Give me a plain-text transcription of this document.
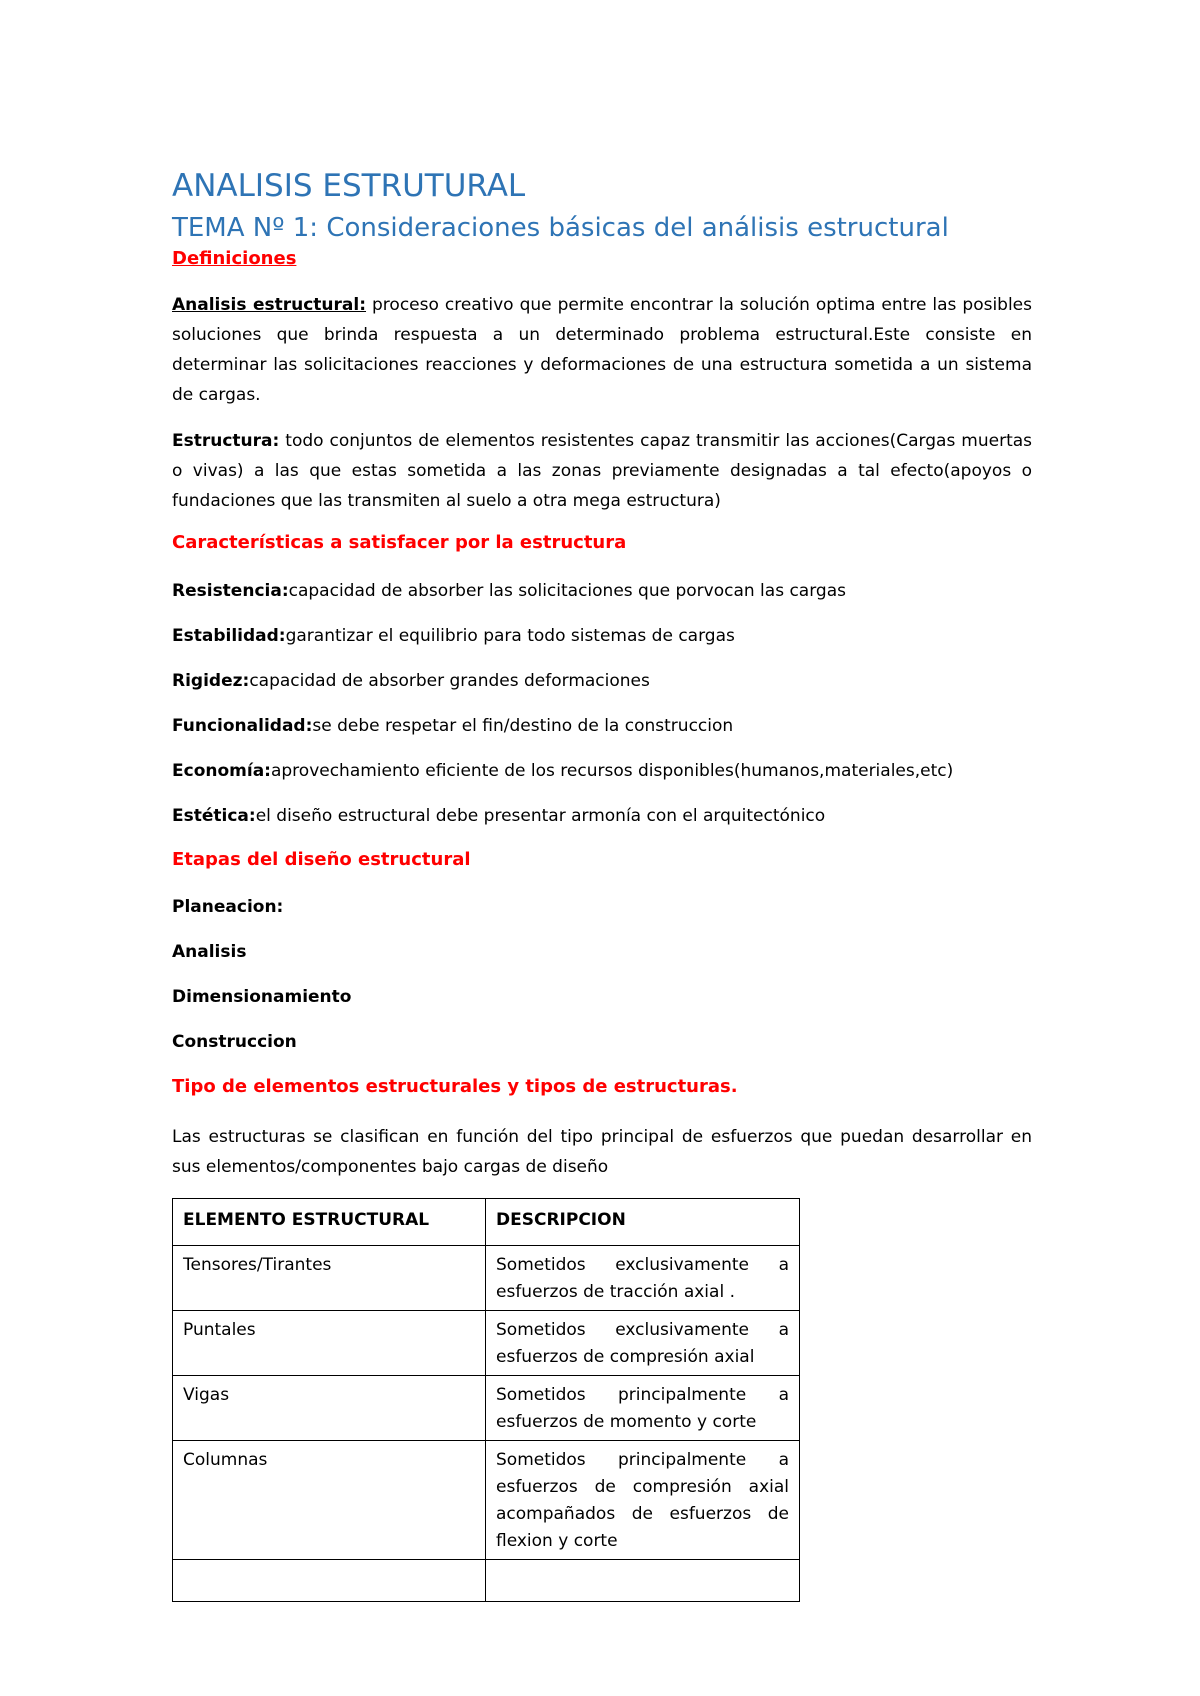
ANALISIS ESTRUTURAL
TEMA Nº 1: Consideraciones básicas del análisis estructural
Definiciones
Analisis estructural: proceso creativo que permite encontrar la solución optima entre las posibles soluciones que brinda respuesta a un determinado problema estructural.Este consiste en determinar las solicitaciones reacciones y deformaciones de una estructura sometida a un sistema de cargas.
Estructura: todo conjuntos de elementos resistentes capaz transmitir las acciones(Cargas muertas o vivas) a las que estas sometida a las zonas previamente designadas a tal efecto(apoyos o fundaciones que las transmiten al suelo a otra mega estructura)
Características a satisfacer por la estructura
Resistencia:capacidad de absorber las solicitaciones que porvocan las cargas
Estabilidad:garantizar el equilibrio para todo sistemas de cargas
Rigidez:capacidad de absorber grandes deformaciones
Funcionalidad:se debe respetar el fin/destino de la construccion
Economía:aprovechamiento eficiente de los recursos disponibles(humanos,materiales,etc)
Estética:el diseño estructural debe presentar armonía con el arquitectónico
Etapas del diseño estructural
Planeacion:
Analisis
Dimensionamiento
Construccion
Tipo de elementos estructurales y tipos de estructuras.
Las estructuras se clasifican en función del tipo principal de esfuerzos que puedan desarrollar en sus elementos/componentes bajo cargas de diseño
ELEMENTO ESTRUCTURAL	DESCRIPCION
Tensores/Tirantes	Sometidos exclusivamente a esfuerzos de tracción axial .
Puntales	Sometidos exclusivamente a esfuerzos de compresión axial
Vigas	Sometidos principalmente a esfuerzos de momento y corte
Columnas	Sometidos principalmente a esfuerzos de compresión axial acompañados de esfuerzos de flexion y corte
